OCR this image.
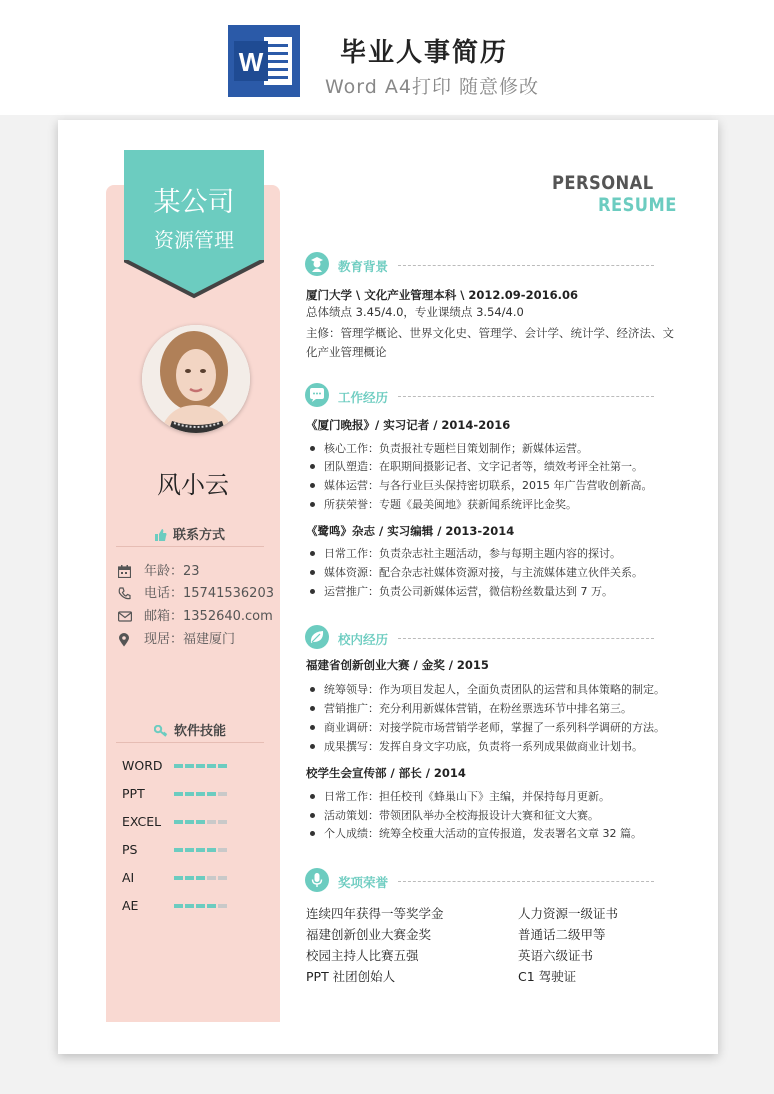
W	毕业人事简历
Word A4打印 随意修改
某公司
资源管理
风小云
联系方式
年龄：23
电话：15741536203
邮箱：1352640.com
现居：福建厦门
软件技能
WORD
PPT
EXCEL
PS
AI
AE
PERSONAL
RESUME
教育背景
厦门大学 \ 文化产业管理本科 \ 2012.09-2016.06
总体绩点 3.45/4.0，专业课绩点 3.54/4.0
主修：管理学概论、世界文化史、管理学、会计学、统计学、经济法、文
化产业管理概论
工作经历
《厦门晚报》/ 实习记者 / 2014-2016
核心工作：负责报社专题栏目策划制作；新媒体运营。
团队塑造：在职期间摄影记者、文字记者等，绩效考评全社第一。
媒体运营：与各行业巨头保持密切联系，2015 年广告营收创新高。
所获荣誉：专题《最美闽地》获新闻系统评比金奖。
《鹭鸣》杂志 / 实习编辑 / 2013-2014
日常工作：负责杂志社主题活动，参与每期主题内容的探讨。
媒体资源：配合杂志社媒体资源对接，与主流媒体建立伙伴关系。
运营推广：负责公司新媒体运营，微信粉丝数量达到 7 万。
校内经历
福建省创新创业大赛 / 金奖 / 2015
统筹领导：作为项目发起人，全面负责团队的运营和具体策略的制定。
营销推广：充分利用新媒体营销，在粉丝票选环节中排名第三。
商业调研：对接学院市场营销学老师，掌握了一系列科学调研的方法。
成果撰写：发挥自身文字功底，负责将一系列成果做商业计划书。
校学生会宣传部 / 部长 / 2014
日常工作：担任校刊《蜂巢山下》主编，并保持每月更新。
活动策划：带领团队举办全校海报设计大赛和征文大赛。
个人成绩：统筹全校重大活动的宣传报道，发表署名文章 32 篇。
奖项荣誉
连续四年获得一等奖学金
福建创新创业大赛金奖
校园主持人比赛五强
PPT 社团创始人
人力资源一级证书
普通话二级甲等
英语六级证书
C1 驾驶证
